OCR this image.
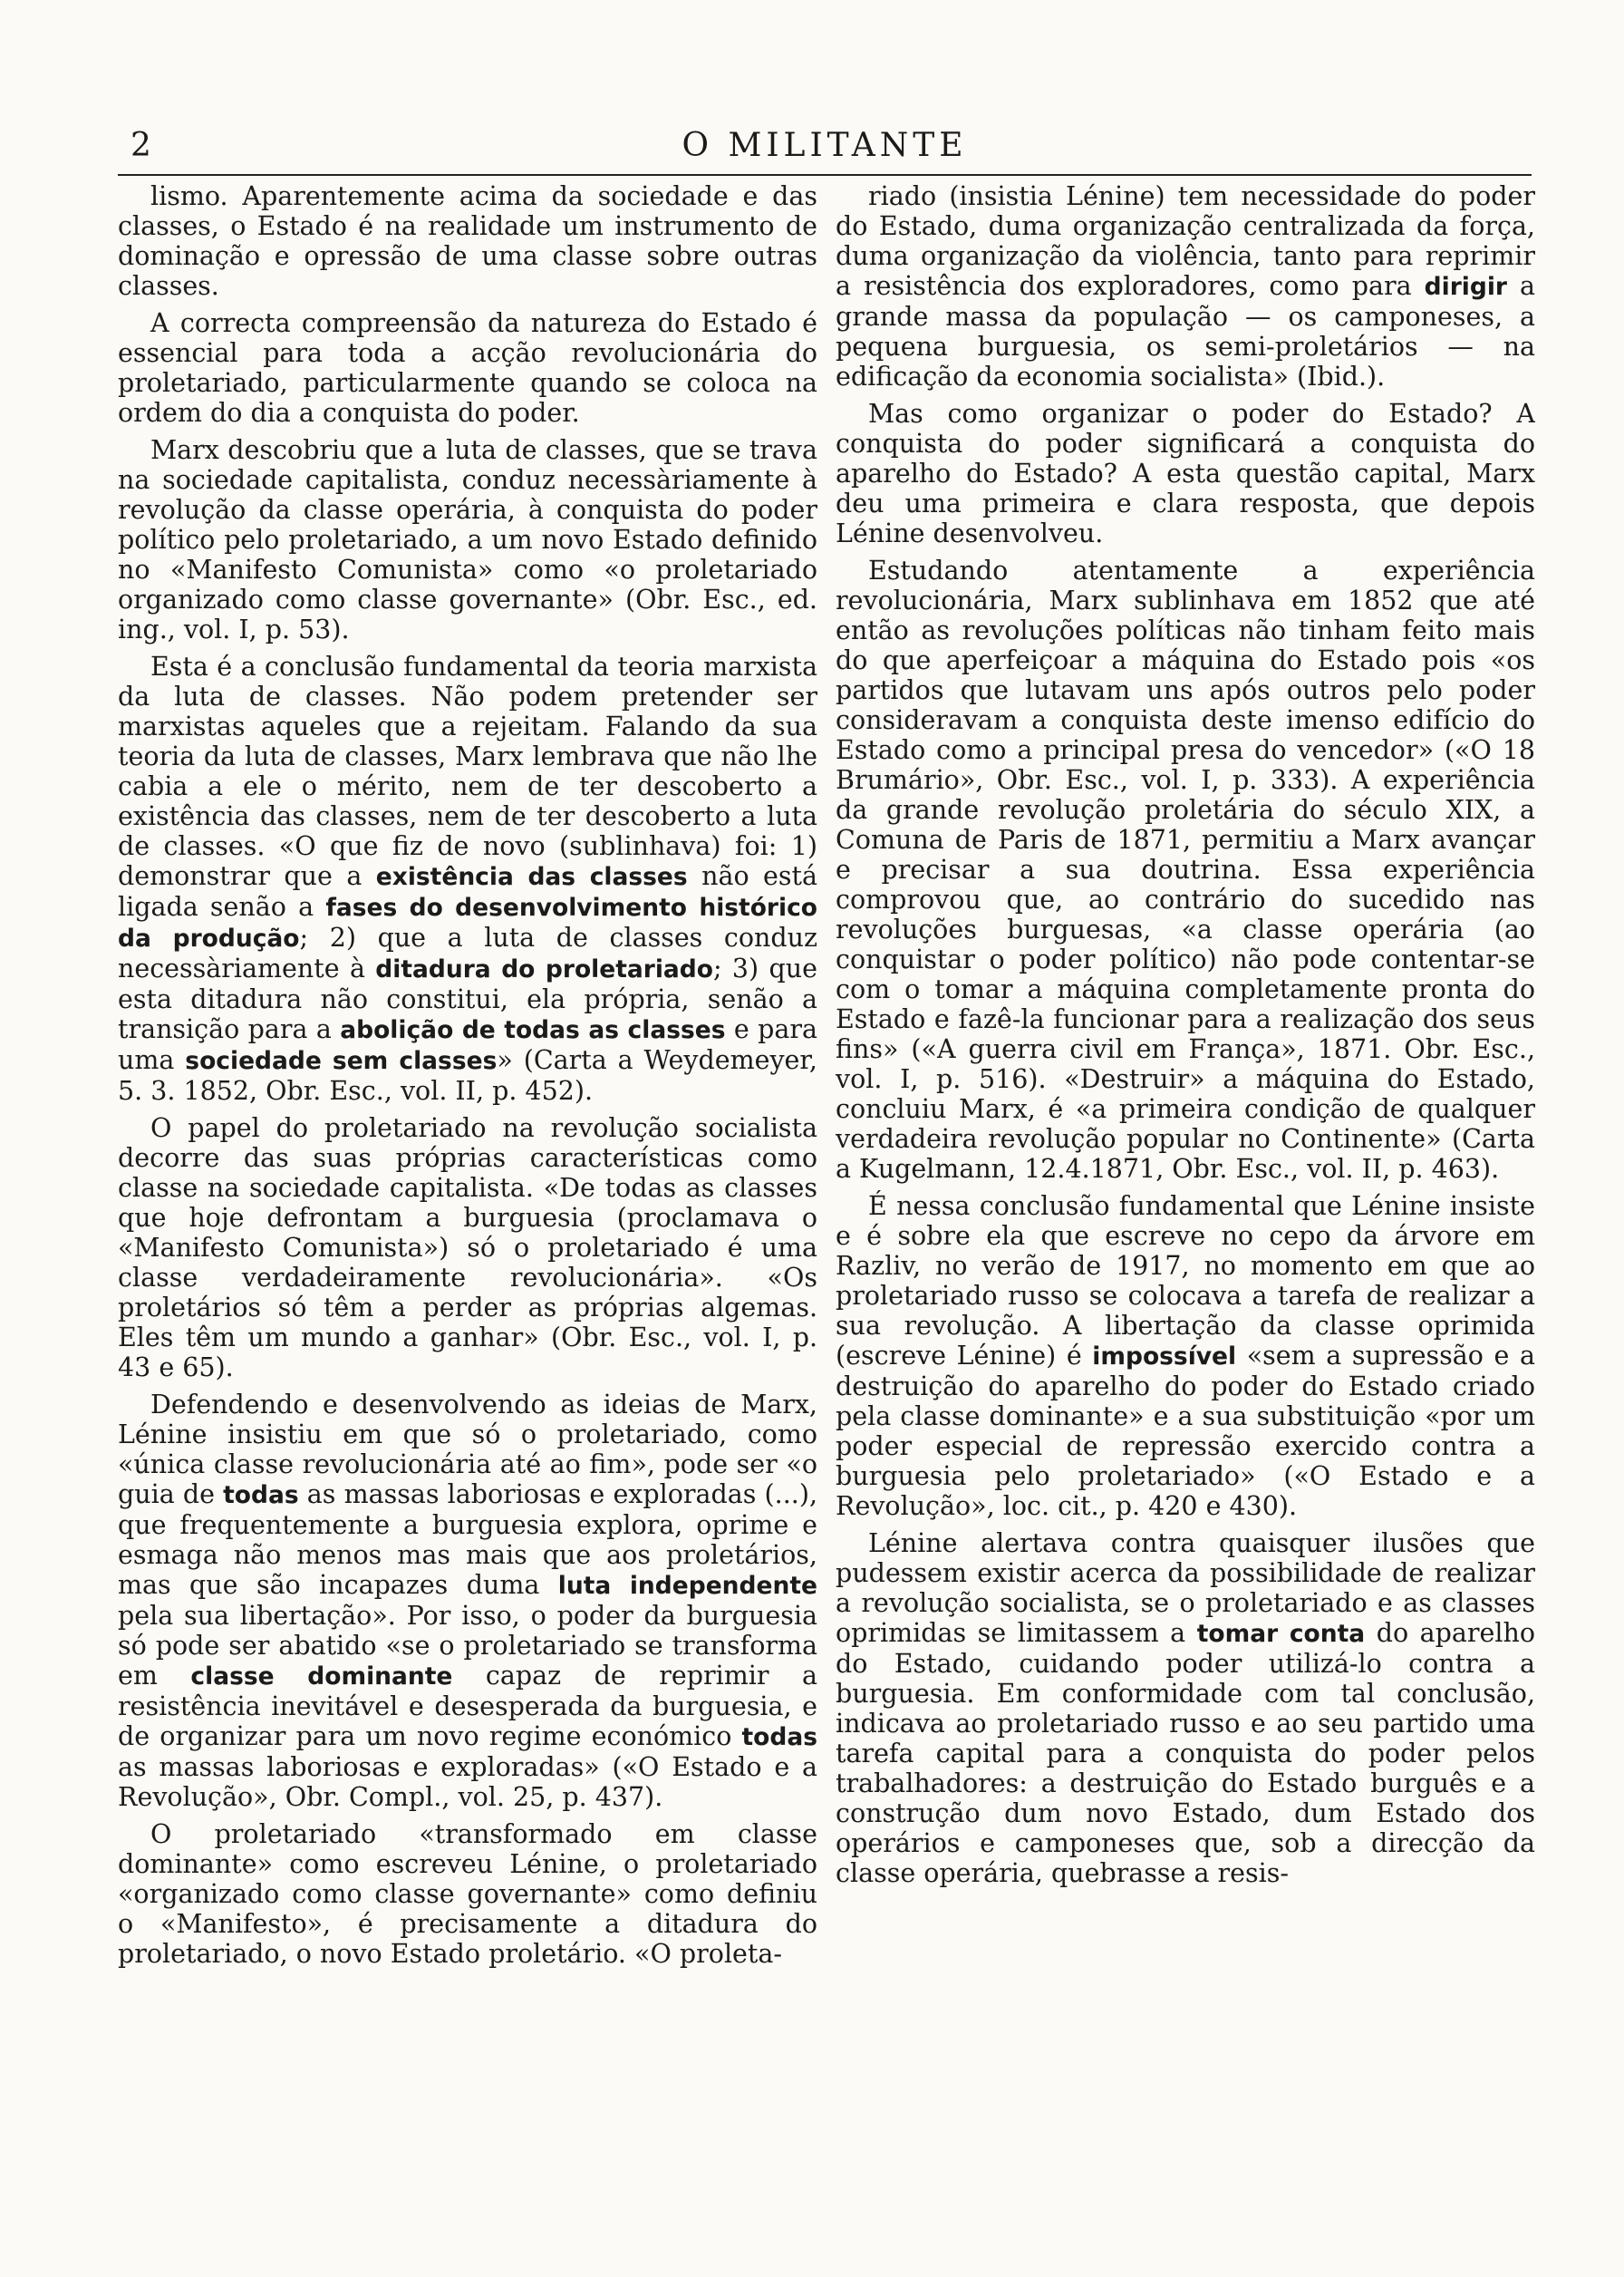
2	O MILITANTE

lismo. Aparentemente acima da sociedade e das classes, o Estado é na realidade um instrumento de dominação e opressão de uma classe sobre outras classes.

A correcta compreensão da natureza do Estado é essencial para toda a acção revolucionária do proletariado, particularmente quando se coloca na ordem do dia a conquista do poder.

Marx descobriu que a luta de classes, que se trava na sociedade capitalista, conduz necessàriamente à revolução da classe operária, à conquista do poder político pelo proletariado, a um novo Estado definido no «Manifesto Comunista» como «o proletariado organizado como classe governante» (Obr. Esc., ed. ing., vol. I, p. 53).

Esta é a conclusão fundamental da teoria marxista da luta de classes. Não podem pretender ser marxistas aqueles que a rejeitam. Falando da sua teoria da luta de classes, Marx lembrava que não lhe cabia a ele o mérito, nem de ter descoberto a existência das classes, nem de ter descoberto a luta de classes. «O que fiz de novo (sublinhava) foi: 1) demonstrar que a existência das classes não está ligada senão a fases do desenvolvimento histórico da produção; 2) que a luta de classes conduz necessàriamente à ditadura do proletariado; 3) que esta ditadura não constitui, ela própria, senão a transição para a abolição de todas as classes e para uma sociedade sem classes» (Carta a Weydemeyer, 5. 3. 1852, Obr. Esc., vol. II, p. 452).

O papel do proletariado na revolução socialista decorre das suas próprias características como classe na sociedade capitalista. «De todas as classes que hoje defrontam a burguesia (proclamava o «Manifesto Comunista») só o proletariado é uma classe verdadeiramente revolucionária». «Os proletários só têm a perder as próprias algemas. Eles têm um mundo a ganhar» (Obr. Esc., vol. I, p. 43 e 65).

Defendendo e desenvolvendo as ideias de Marx, Lénine insistiu em que só o proletariado, como «única classe revolucionária até ao fim», pode ser «o guia de todas as massas laboriosas e exploradas (...), que frequentemente a burguesia explora, oprime e esmaga não menos mas mais que aos proletários, mas que são incapazes duma luta independente pela sua libertação». Por isso, o poder da burguesia só pode ser abatido «se o proletariado se transforma em classe dominante capaz de reprimir a resistência inevitável e desesperada da burguesia, e de organizar para um novo regime económico todas as massas laboriosas e exploradas» («O Estado e a Revolução», Obr. Compl., vol. 25, p. 437).

O proletariado «transformado em classe dominante» como escreveu Lénine, o proletariado «organizado como classe governante» como definiu o «Manifesto», é precisamente a ditadura do proletariado, o novo Estado proletário. «O proleta-

riado (insistia Lénine) tem necessidade do poder do Estado, duma organização centralizada da força, duma organização da violência, tanto para reprimir a resistência dos exploradores, como para dirigir a grande massa da população — os camponeses, a pequena burguesia, os semi-proletários — na edificação da economia socialista» (Ibid.).

Mas como organizar o poder do Estado? A conquista do poder significará a conquista do aparelho do Estado? A esta questão capital, Marx deu uma primeira e clara resposta, que depois Lénine desenvolveu.

Estudando atentamente a experiência revolucionária, Marx sublinhava em 1852 que até então as revoluções políticas não tinham feito mais do que aperfeiçoar a máquina do Estado pois «os partidos que lutavam uns após outros pelo poder consideravam a conquista deste imenso edifício do Estado como a principal presa do vencedor» («O 18 Brumário», Obr. Esc., vol. I, p. 333). A experiência da grande revolução proletária do século XIX, a Comuna de Paris de 1871, permitiu a Marx avançar e precisar a sua doutrina. Essa experiência comprovou que, ao contrário do sucedido nas revoluções burguesas, «a classe operária (ao conquistar o poder político) não pode contentar-se com o tomar a máquina completamente pronta do Estado e fazê-la funcionar para a realização dos seus fins» («A guerra civil em França», 1871. Obr. Esc., vol. I, p. 516). «Destruir» a máquina do Estado, concluiu Marx, é «a primeira condição de qualquer verdadeira revolução popular no Continente» (Carta a Kugelmann, 12.4.1871, Obr. Esc., vol. II, p. 463).

É nessa conclusão fundamental que Lénine insiste e é sobre ela que escreve no cepo da árvore em Razliv, no verão de 1917, no momento em que ao proletariado russo se colocava a tarefa de realizar a sua revolução. A libertação da classe oprimida (escreve Lénine) é impossível «sem a supressão e a destruição do aparelho do poder do Estado criado pela classe dominante» e a sua substituição «por um poder especial de repressão exercido contra a burguesia pelo proletariado» («O Estado e a Revolução», loc. cit., p. 420 e 430).

Lénine alertava contra quaisquer ilusões que pudessem existir acerca da possibilidade de realizar a revolução socialista, se o proletariado e as classes oprimidas se limitassem a tomar conta do aparelho do Estado, cuidando poder utilizá-lo contra a burguesia. Em conformidade com tal conclusão, indicava ao proletariado russo e ao seu partido uma tarefa capital para a conquista do poder pelos trabalhadores: a destruição do Estado burguês e a construção dum novo Estado, dum Estado dos operários e camponeses que, sob a direcção da classe operária, quebrasse a resis-
